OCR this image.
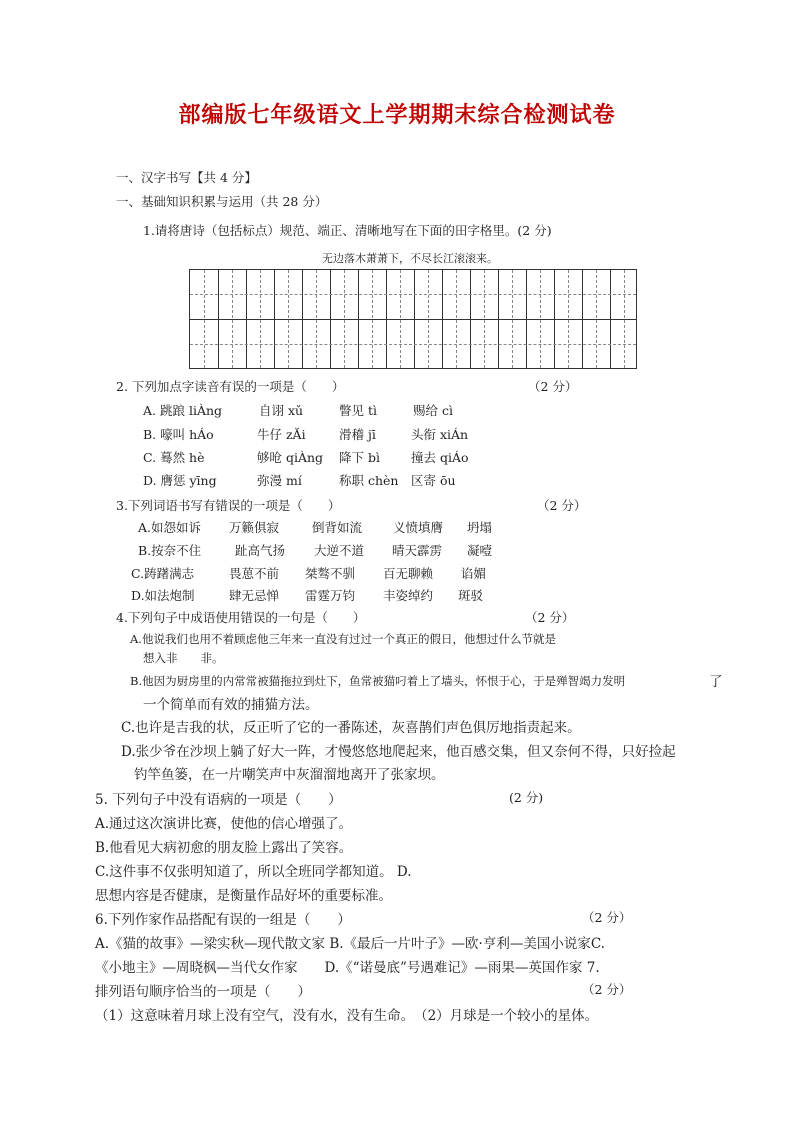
部编版七年级语文上学期期末综合检测试卷
一、汉字书写【共 4 分】
一、基础知识积累与运用（共 28 分）
1.请将唐诗（包括标点）规范、端正、清晰地写在下面的田字格里。(2 分)
无边落木萧萧下，不尽长江滚滚来。
2. 下列加点字读音有误的一项是（　　）	（2 分）
A. 跳踉 liÀng	自诩 xǔ	瞥见 tì	赐给 cì
B. 嚎叫 hÁo	牛仔 zĂi	滑稽 jī	头衔 xiÁn
C. 蓦然 hè	够呛 qiÀng 降下 bì 撞去 qiÁo
D. 膺惩 yīng	弥漫 mí	称职 chèn 区寄 ōu
3.下列词语书写有错误的一项是（　　）	（2 分）
A.如怨如诉 万籁俱寂	倒背如流 义愤填膺 坍塌
B.按奈不住	趾高气扬 大逆不道 晴天霹雳 凝噎
C.踌躇满志	畏葸不前 桀骜不驯 百无聊赖 谄媚
D.如法炮制	肆无忌惮 雷霆万钧 丰姿绰约 斑驳
4.下列句子中成语使用错误的一句是（　　）	（2 分）
A.他说我们也用不着顾虑他三年来一直没有过过一个真正的假日，他想过什么节就是
想入非　　非。
B.他因为厨房里的内常常被猫拖拉到灶下，鱼常被猫叼着上了墙头，怀恨于心，于是殚智竭力发明	了
一个简单而有效的捕猫方法。
C.也许是吉我的状，反正听了它的一番陈述，灰喜鹊们声色俱厉地指责起来。
D.张少爷在沙坝上躺了好大一阵，才慢悠悠地爬起来，他百感交集，但又奈何不得，只好捡起
钓竿鱼篓，在一片嘲笑声中灰溜溜地离开了张家坝。
5. 下列句子中没有语病的一项是（　　）	(2 分)
A.通过这次演讲比赛，使他的信心增强了。
B.他看见大病初愈的朋友脸上露出了笑容。
C.这件事不仅张明知道了，所以全班同学都知道。 D.
思想内容是否健康，是衡量作品好坏的重要标准。
6.下列作家作品搭配有误的一组是（　　）	（2 分）
A.《猫的故事》—梁实秋—现代散文家 B.《最后一片叶子》—欧·亨利—美国小说家C.
《小地主》—周晓枫—当代女作家　　D.《“诺曼底”号遇难记》—雨果—英国作家 7.
排列语句顺序恰当的一项是（　　）	（2 分）
（1）这意味着月球上没有空气，没有水，没有生命。　（2）月球是一个较小的星体。
